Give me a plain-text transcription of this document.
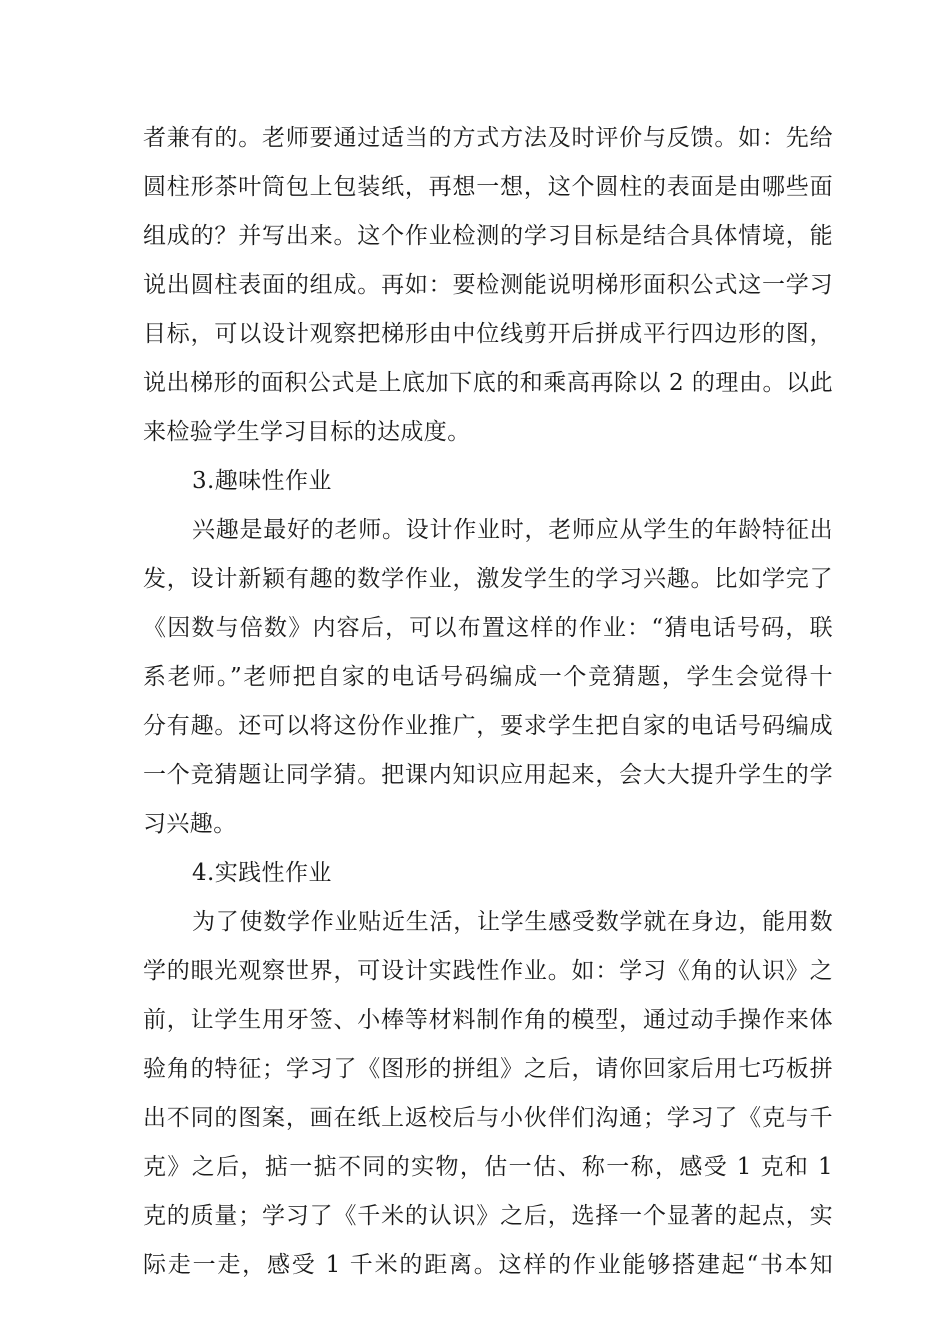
者兼有的。老师要通过适当的方式方法及时评价与反馈。如：先给
圆柱形茶叶筒包上包装纸，再想一想，这个圆柱的表面是由哪些面
组成的？并写出来。这个作业检测的学习目标是结合具体情境，能
说出圆柱表面的组成。再如：要检测能说明梯形面积公式这一学习
目标，可以设计观察把梯形由中位线剪开后拼成平行四边形的图，
说出梯形的面积公式是上底加下底的和乘高再除以 2 的理由。以此
来检验学生学习目标的达成度。
3.趣味性作业
兴趣是最好的老师。设计作业时，老师应从学生的年龄特征出
发，设计新颖有趣的数学作业，激发学生的学习兴趣。比如学完了
《因数与倍数》内容后，可以布置这样的作业：“猜电话号码，联
系老师。”老师把自家的电话号码编成一个竞猜题，学生会觉得十
分有趣。还可以将这份作业推广，要求学生把自家的电话号码编成
一个竞猜题让同学猜。把课内知识应用起来，会大大提升学生的学
习兴趣。
4.实践性作业
为了使数学作业贴近生活，让学生感受数学就在身边，能用数
学的眼光观察世界，可设计实践性作业。如：学习《角的认识》之
前，让学生用牙签、小棒等材料制作角的模型，通过动手操作来体
验角的特征；学习了《图形的拼组》之后，请你回家后用七巧板拼
出不同的图案，画在纸上返校后与小伙伴们沟通；学习了《克与千
克》之后，掂一掂不同的实物，估一估、称一称，感受 1 克和 1
克的质量；学习了《千米的认识》之后，选择一个显著的起点，实
际走一走，感受 1 千米的距离。这样的作业能够搭建起“书本知
